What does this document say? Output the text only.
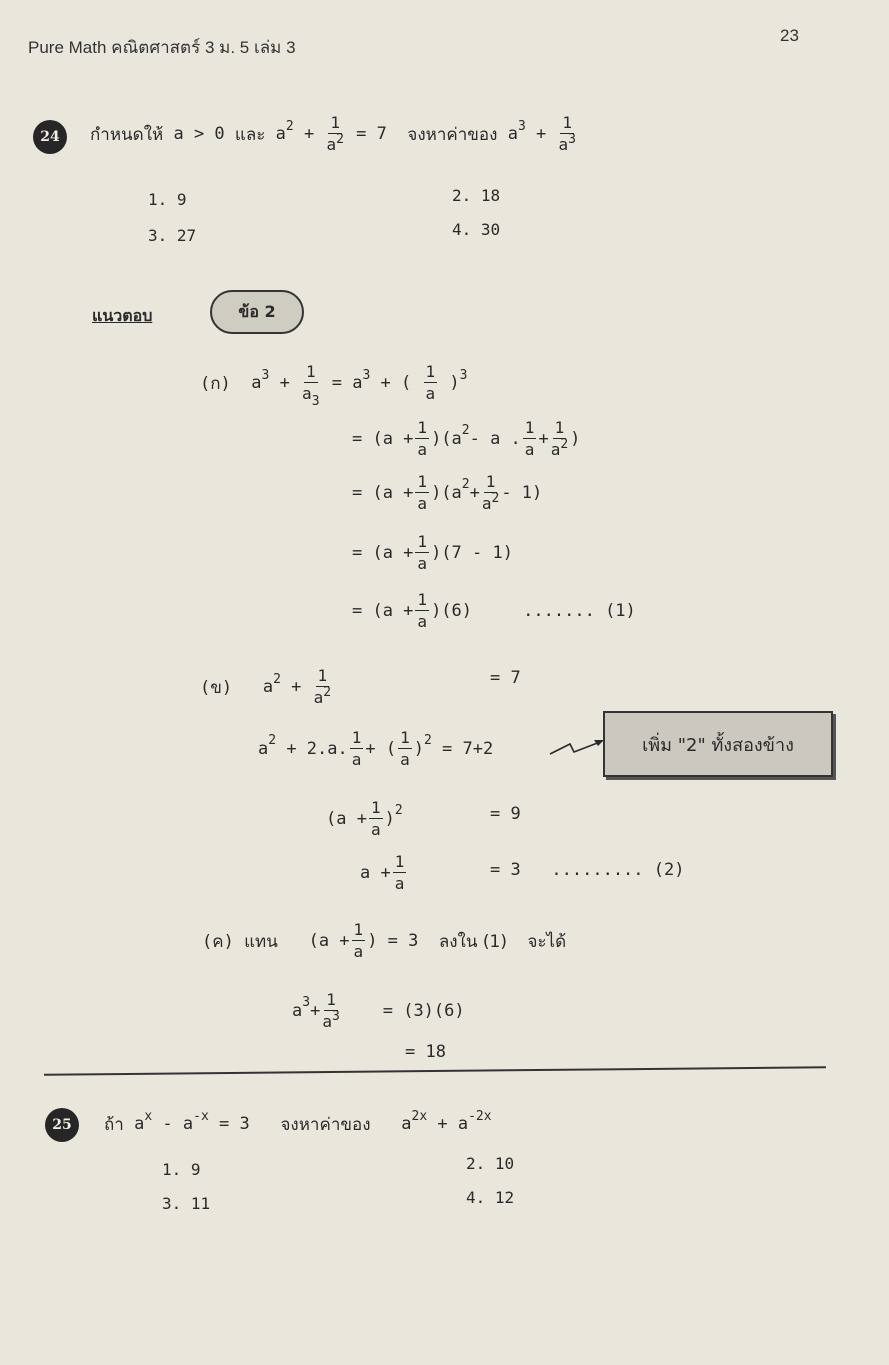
Pure Math คณิตศาสตร์ 3 ม. 5 เล่ม 3
23
24	กำหนดให้
a > 0
และ
$a^2 + \frac{1}{a^2} = 7$
จงหาค่าของ
$a^3 + \frac{1}{a^3}$
1. 9	2. 18
3. 27	4. 30
แนวตอบ	ข้อ 2
(ก)
$a^3 + \frac{1}{a_3}$
= $a^3$ + ( $\frac{1}{a} )^3$
= $(a + \frac{1}{a} )(a^2 - a$ . $\frac{1}{a} + \frac{1}{a^2}$ )
= $(a + \frac{1}{a} )(a^2 + \frac{1}{a^2} - 1)$
= $(a + \frac{1}{a} )(7 - 1)$
= $(a + \frac{1}{a} )(6)$     ....... (1)
(ข)
$a^2 + \frac{1}{a^2}$	= 7
$a^2 + 2.a$. $\frac{1}{a}$ + ( $\frac{1}{a} )^2 = 7+2$	เพิ่ม "2" ทั้งสองข้าง
$(a + \frac{1}{a} )^2$	= 9
$a + \frac{1}{a}$	= 3   ......... (2)
(ค)
แทน ($a + \frac{1}{a}$ ) = 3 ลงใน (1)
จะได้
$a^3 + \frac{1}{a^3} = (3)(6)$
= 18
25	ถ้า
$a^x - a^{-x} = 3$
จงหาค่าของ
$a^{2x} + a^{-2x}$
1. 9	2. 10
3. 11	4. 12
